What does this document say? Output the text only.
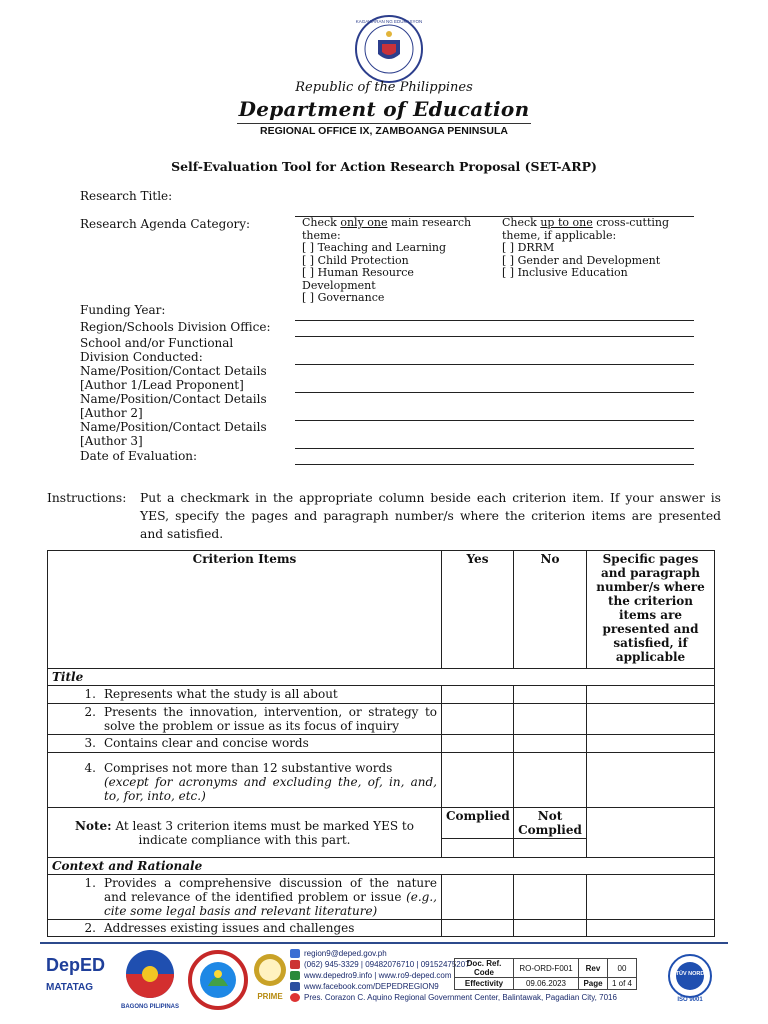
KAGAWARAN NG EDUKASYON
Republic of the Philippines
Department of Education
REGIONAL OFFICE IX, ZAMBOANGA PENINSULA
Self-Evaluation Tool for Action Research Proposal (SET-ARP)
Research Title:
Research Agenda Category:	Check only one main research
theme:
[ ] Teaching and Learning
[ ] Child Protection
[ ] Human Resource
Development
[ ] Governance
Check up to one cross-cutting
theme, if applicable:
[ ] DRRM
[ ] Gender and Development
[ ] Inclusive Education
Funding Year:
Region/Schools Division Office:
School and/or Functional
Division Conducted:
Name/Position/Contact Details
[Author 1/Lead Proponent]
Name/Position/Contact Details
[Author 2]
Name/Position/Contact Details
[Author 3]
Date of Evaluation:
Instructions: Put a checkmark in the appropriate column beside each criterion item. If your answer is YES, specify the pages and paragraph number/s where the criterion items are presented and satisfied.
Criterion Items	Yes	No	Specific pages and paragraph number/s where the criterion items are presented and satisfied, if applicable
Title			

1. Represents what the study is all about			

2. Presents the innovation, intervention, or strategy to solve the problem or issue as its focus of inquiry			

3. Contains clear and concise words			

4. Comprises not more than 12 substantive words
(except for acronyms and excluding the, of, in, and, to, for, into, etc.)			

Note: At least 3 criterion items must be marked YES to indicate compliance with this part.	Complied	Not Complied	

Context and Rationale			

1. Provides a comprehensive discussion of the nature and relevance of the identified problem or issue (e.g., cite some legal basis and relevant literature)			

2. Addresses existing issues and challenges			

DepED
MATATAG
BAGONG PILIPINAS
PRIME
region9@deped.gov.ph
(062) 945-3329 | 09482076710 | 09152475207
www.depedro9.info | www.ro9-deped.com
www.facebook.com/DEPEDREGION9
Pres. Corazon C. Aquino Regional Government Center, Balintawak, Pagadian City, 7016
Doc. Ref. Code	RO-ORD-F001	Rev	00
Effectivity	09.06.2023	Page	1 of 4
TÜV NORD
ISO 9001
